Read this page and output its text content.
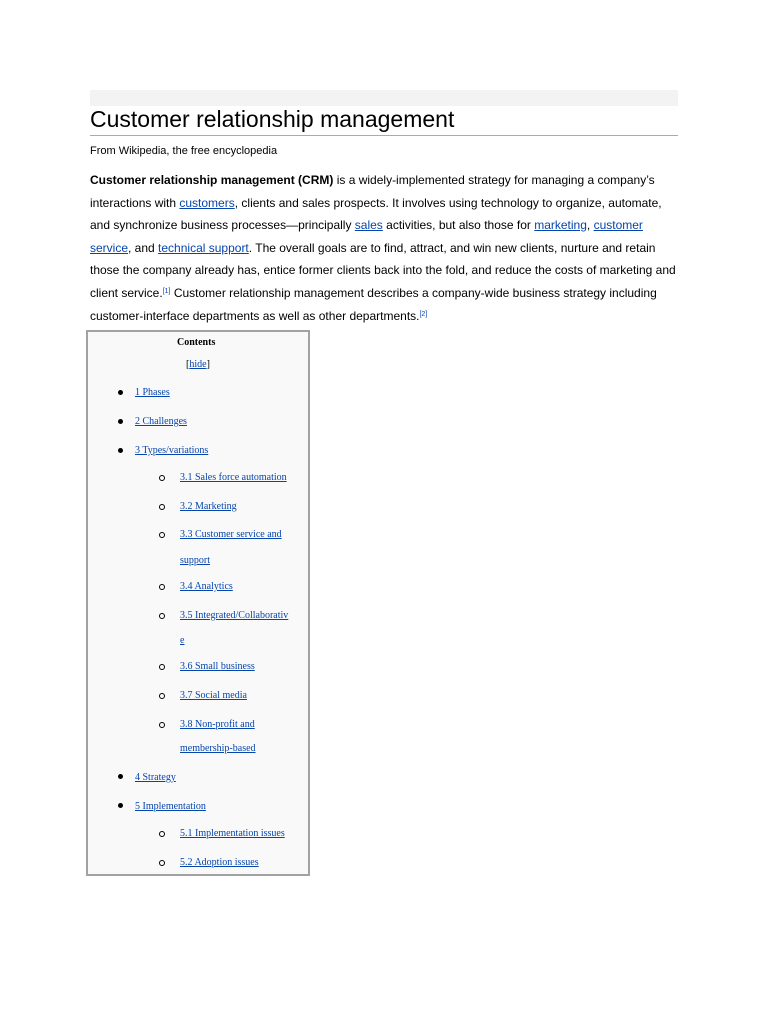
Customer relationship management
From Wikipedia, the free encyclopedia

Customer relationship management (CRM) is a widely-implemented strategy for managing a company’s interactions with customers, clients and sales prospects. It involves using technology to organize, automate, and synchronize business processes—principally sales activities, but also those for marketing, customer service, and technical support. The overall goals are to find, attract, and win new clients, nurture and retain those the company already has, entice former clients back into the fold, and reduce the costs of marketing and client service.[1] Customer relationship management describes a company-wide business strategy including customer-interface departments as well as other departments.[2]

Contents
[hide]
1 Phases
2 Challenges
3 Types/variations
3.1 Sales force automation
3.2 Marketing
3.3 Customer service and
support
3.4 Analytics
3.5 Integrated/Collaborativ
e
3.6 Small business
3.7 Social media
3.8 Non-profit and
membership-based
4 Strategy
5 Implementation
5.1 Implementation issues
5.2 Adoption issues
